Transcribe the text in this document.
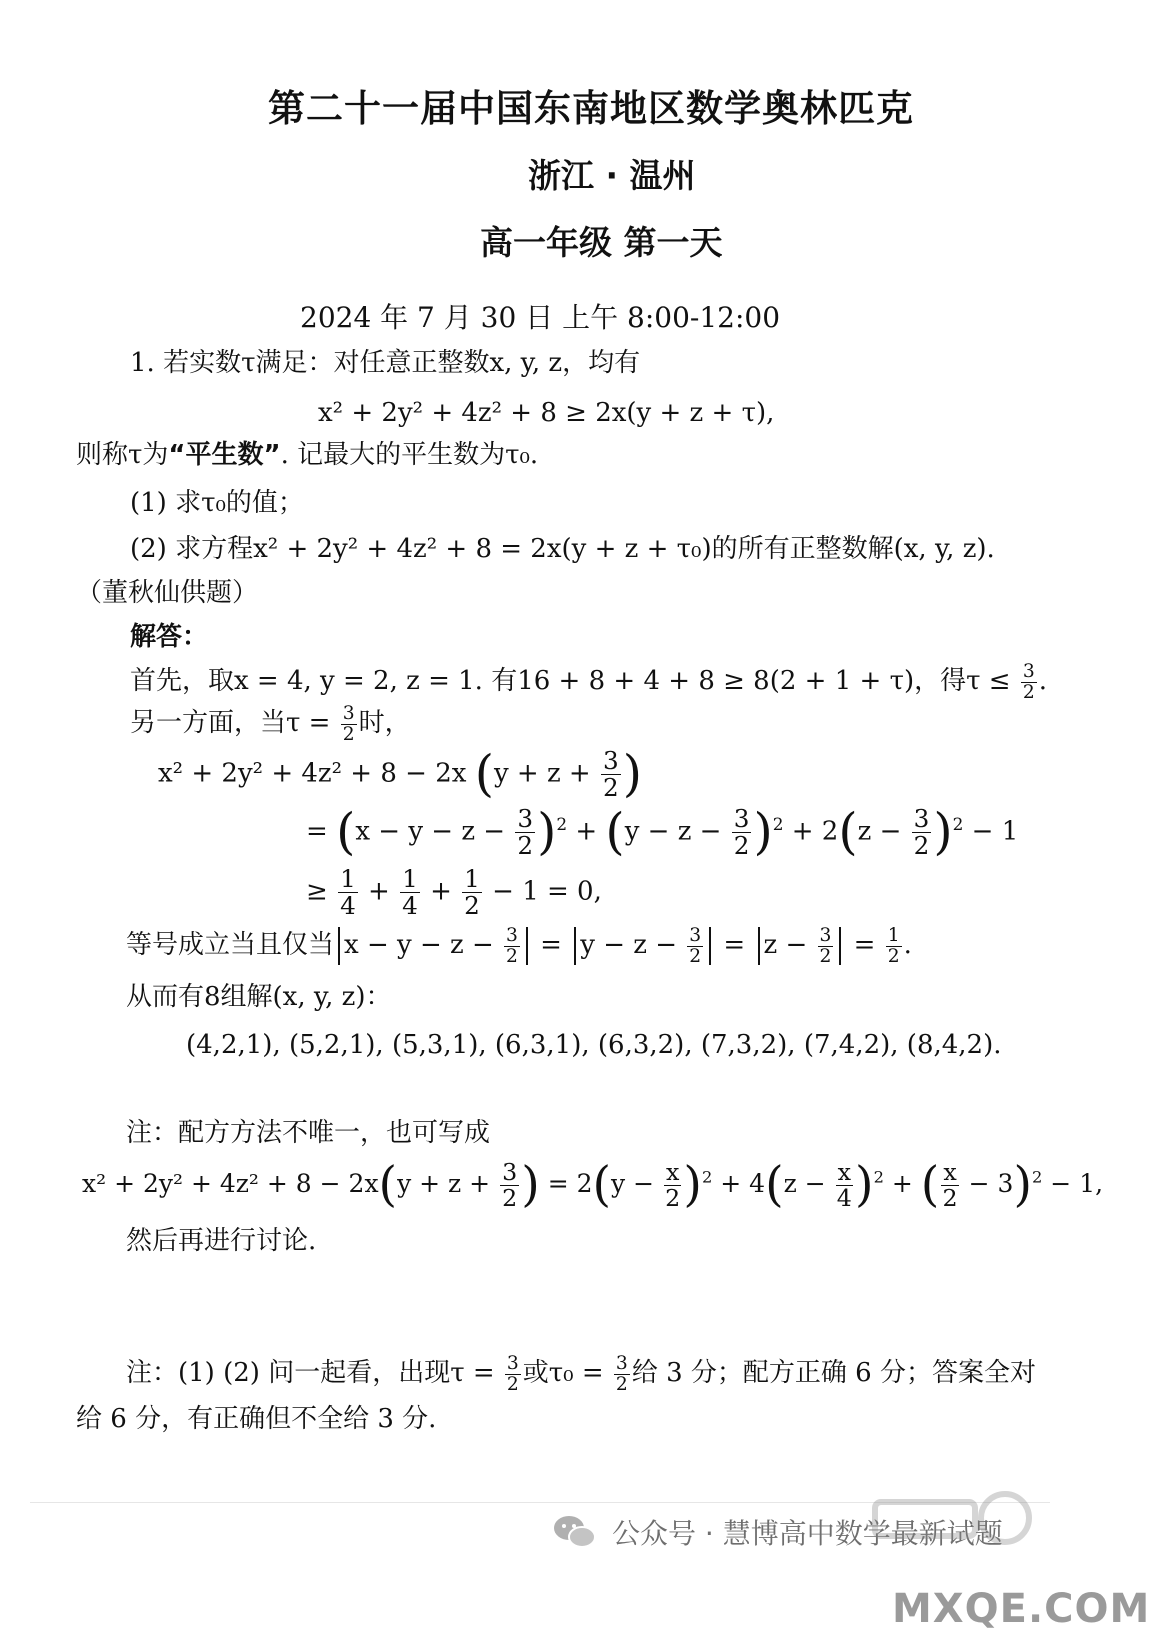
第二十一届中国东南地区数学奥林匹克
浙江 · 温州
高一年级 第一天
2024 年 7 月 30 日 上午 8:00-12:00
1. 若实数τ满足：对任意正整数x, y, z，均有
x² + 2y² + 4z² + 8 ≥ 2x(y + z + τ),
则称τ为“平生数”. 记最大的平生数为τ₀.
(1) 求τ₀的值；
(2) 求方程x² + 2y² + 4z² + 8 = 2x(y + z + τ₀)的所有正整数解(x, y, z).
（董秋仙供题）
解答：
首先，取x = 4, y = 2, z = 1. 有16 + 8 + 4 + 8 ≥ 8(2 + 1 + τ)，得$\tau \le \frac{3}{2}$ .
另一方面，当$\tau = \frac{3}{2}$ 时，
x² + 2y² + 4z² + 8 − 2x ($y + z + \frac{3}{2}$ )
= $(x - y - z - \frac{3}{2} )^2 + (y - z - \frac{3}{2} )^2 + 2(z - \frac{3}{2} )^2 - 1$
≥ $\frac{1}{4} + \frac{1}{4} + \frac{1}{2} - 1 = 0$,
等号成立当且仅当 $x - y - z - \frac{3}{2} = y - z - \frac{3}{2} = z - \frac{3}{2} = \frac{1}{2}$ .
从而有8组解(x, y, z)：
(4,2,1), (5,2,1), (5,3,1), (6,3,1), (6,3,2), (7,3,2), (7,4,2), (8,4,2).
注：配方方法不唯一，也可写成
$x^2 + 2y^2 + 4z^2 + 8 - 2x(y + z + \frac{3}{2}$ ) = $2(y - \frac{x}{2} )^2 + 4(z - \frac{x}{4} )^2$ + ( $\frac{x}{2} - 3)^2 - 1$,
然后再进行讨论.
注：(1) (2) 问一起看，出现$\tau = \frac{3}{2}$ 或$\tau_0 = \frac{3}{2}$ 给 3 分；配方正确 6 分；答案全对
给 6 分，有正确但不全给 3 分.
公众号 · 慧博高中数学最新试题
MXQE.COM
